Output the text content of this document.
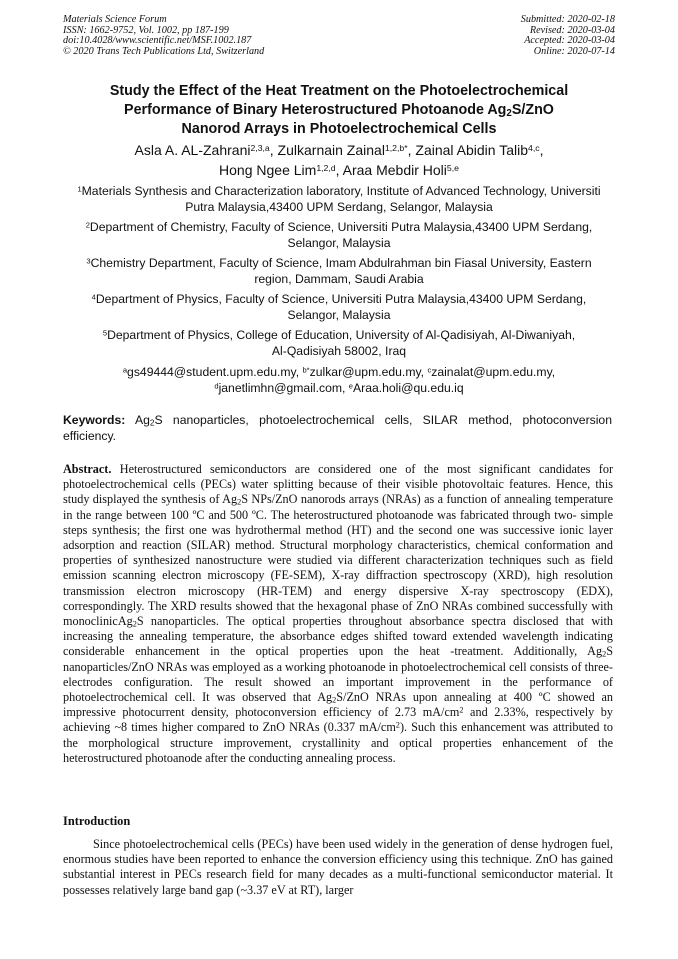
Materials Science Forum
ISSN: 1662-9752, Vol. 1002, pp 187-199
doi:10.4028/www.scientific.net/MSF.1002.187
© 2020 Trans Tech Publications Ltd, Switzerland
Submitted: 2020-02-18
Revised: 2020-03-04
Accepted: 2020-03-04
Online: 2020-07-14
Study the Effect of the Heat Treatment on the Photoelectrochemical
Performance of Binary Heterostructured Photoanode $Ag_2S$/ZnO
Nanorod Arrays in Photoelectrochemical Cells
Asla A. AL-Zahrani$^{2,3,a}$, Zulkarnain Zainal$^{1,2,b*}$, Zainal Abidin Talib$^{4,c}$,
Hong Ngee Lim$^{1,2,d}$, Araa Mebdir Holi$^{5,e}$
$^1$Materials Synthesis and Characterization laboratory, Institute of Advanced Technology, Universiti
Putra Malaysia,43400 UPM Serdang, Selangor, Malaysia
$^2$Department of Chemistry, Faculty of Science, Universiti Putra Malaysia,43400 UPM Serdang,
Selangor, Malaysia
$^3$Chemistry Department, Faculty of Science, Imam Abdulrahman bin Fiasal University, Eastern
region, Dammam, Saudi Arabia
$^4$Department of Physics, Faculty of Science, Universiti Putra Malaysia,43400 UPM Serdang,
Selangor, Malaysia
$^5$Department of Physics, College of Education, University of Al-Qadisiyah, Al-Diwaniyah,
Al-Qadisiyah 58002, Iraq
$^a$gs49444@student.upm.edu.my, $^{b*}$zulkar@upm.edu.my, $^c$zainalat@upm.edu.my,
$^d$janetlimhn@gmail.com, $^e$Araa.holi@qu.edu.iq
Keywords: $Ag_2S$ nanoparticles, photoelectrochemical cells, SILAR method, photoconversion efficiency.
Abstract. Heterostructured semiconductors are considered one of the most significant candidates for photoelectrochemical cells (PECs) water splitting because of their visible photovoltaic features. Hence, this study displayed the synthesis of $Ag_2S$ NPs/ZnO nanorods arrays (NRAs) as a function of annealing temperature in the range between 100 ºC and 500 ºC. The heterostructured photoanode was fabricated through two- simple steps synthesis; the first one was hydrothermal method (HT) and the second one was successive ionic layer adsorption and reaction (SILAR) method. Structural morphology characteristics, chemical conformation and properties of synthesized nanostructure were studied via different characterization techniques such as field emission scanning electron microscopy (FE-SEM), X-ray diffraction spectroscopy (XRD), high resolution transmission electron microscopy (HR-TEM) and energy dispersive X-ray spectroscopy (EDX), correspondingly. The XRD results showed that the hexagonal phase of ZnO NRAs combined successfully with monoclinicAg$_2$S nanoparticles. The optical properties throughout absorbance spectra disclosed that with increasing the annealing temperature, the absorbance edges shifted toward extended wavelength indicating considerable enhancement in the optical properties upon the heat -treatment. Additionally, $Ag_2S$ nanoparticles/ZnO NRAs was employed as a working photoanode in photoelectrochemical cell consists of three-electrodes configuration. The result showed an important improvement in the performance of photoelectrochemical cell. It was observed that $Ag_2S$/ZnO NRAs upon annealing at 400 ºC showed an impressive photocurrent density, photoconversion efficiency of 2.73 $mA/cm^2$ and 2.33%, respectively by achieving ~8 times higher compared to ZnO NRAs (0.337 $mA/cm^2$). Such this enhancement was attributed to the morphological structure improvement, crystallinity and optical properties enhancement of the heterostructured photoanode after the conducting annealing process.
Introduction
Since photoelectrochemical cells (PECs) have been used widely in the generation of dense hydrogen fuel, enormous studies have been reported to enhance the conversion efficiency using this technique. ZnO has gained substantial interest in PECs research field for many decades as a multi-functional semiconductor material. It possesses relatively large band gap (~3.37 eV at RT), larger
